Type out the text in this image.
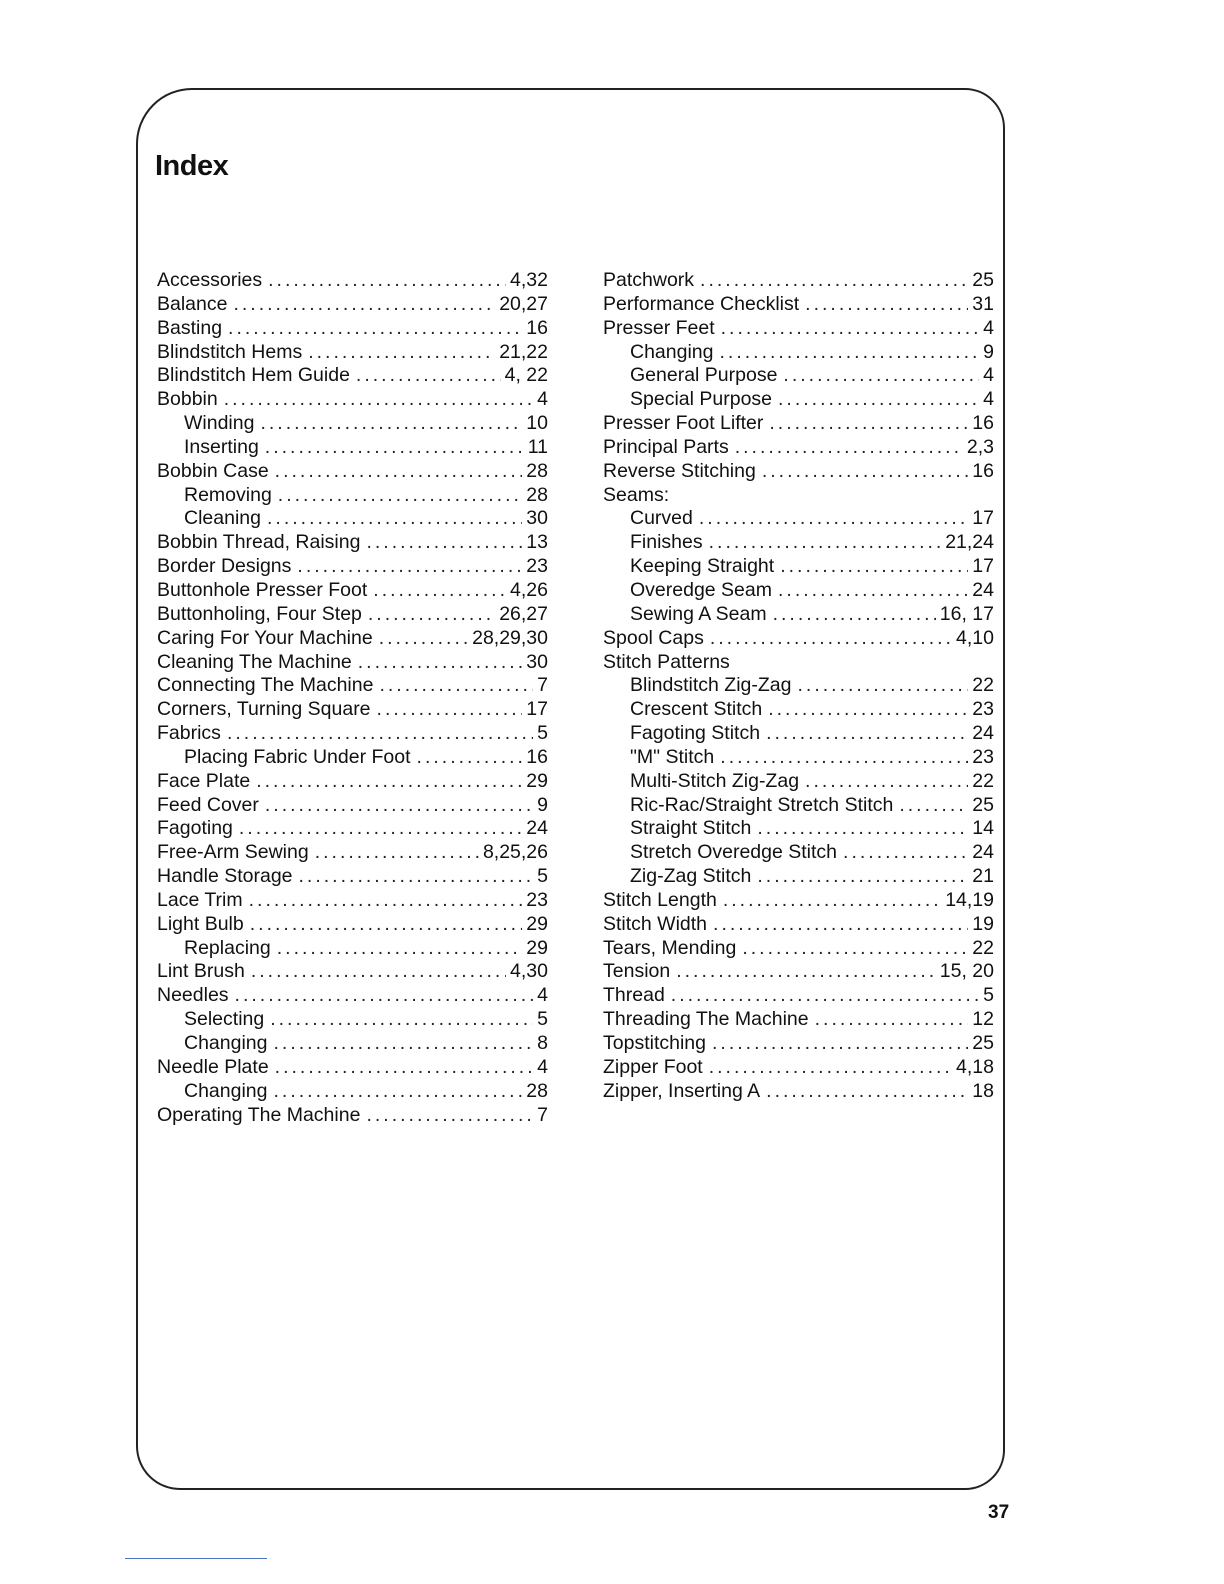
Index
Accessories .....	4,32
Balance .....	20,27
Basting .....	16
Blindstitch Hems .....	21,22
Blindstitch Hem Guide .....	4, 22
Bobbin .....	4
Winding .....	10
Inserting .....	11
Bobbin Case .....	28
Removing .....	28
Cleaning .....	30
Bobbin Thread, Raising .....	13
Border Designs .....	23
Buttonhole Presser Foot .....	4,26
Buttonholing, Four Step .....	26,27
Caring For Your Machine .....	28,29,30
Cleaning The Machine .....	30
Connecting The Machine .....	7
Corners, Turning Square .....	17
Fabrics .....	5
Placing Fabric Under Foot .....	16
Face Plate .....	29
Feed Cover .....	9
Fagoting .....	24
Free-Arm Sewing .....	8,25,26
Handle Storage .....	5
Lace Trim .....	23
Light Bulb .....	29
Replacing .....	29
Lint Brush .....	4,30
Needles .....	4
Selecting .....	5
Changing .....	8
Needle Plate .....	4
Changing .....	28
Operating The Machine .....	7
Patchwork .....	25
Performance Checklist .....	31
Presser Feet .....	4
Changing .....	9
General Purpose .....	4
Special Purpose .....	4
Presser Foot Lifter .....	16
Principal Parts .....	2,3
Reverse Stitching .....	16
Seams:
Curved .....	17
Finishes .....	21,24
Keeping Straight .....	17
Overedge Seam .....	24
Sewing A Seam .....	16, 17
Spool Caps .....	4,10
Stitch Patterns
Blindstitch Zig-Zag .....	22
Crescent Stitch .....	23
Fagoting Stitch .....	24
"M" Stitch .....	23
Multi-Stitch Zig-Zag .....	22
Ric-Rac/Straight Stretch Stitch .....	25
Straight Stitch .....	14
Stretch Overedge Stitch .....	24
Zig-Zag Stitch .....	21
Stitch Length .....	14,19
Stitch Width .....	19
Tears, Mending .....	22
Tension .....	15, 20
Thread .....	5
Threading The Machine .....	12
Topstitching .....	25
Zipper Foot .....	4,18
Zipper, Inserting A .....	18
37
